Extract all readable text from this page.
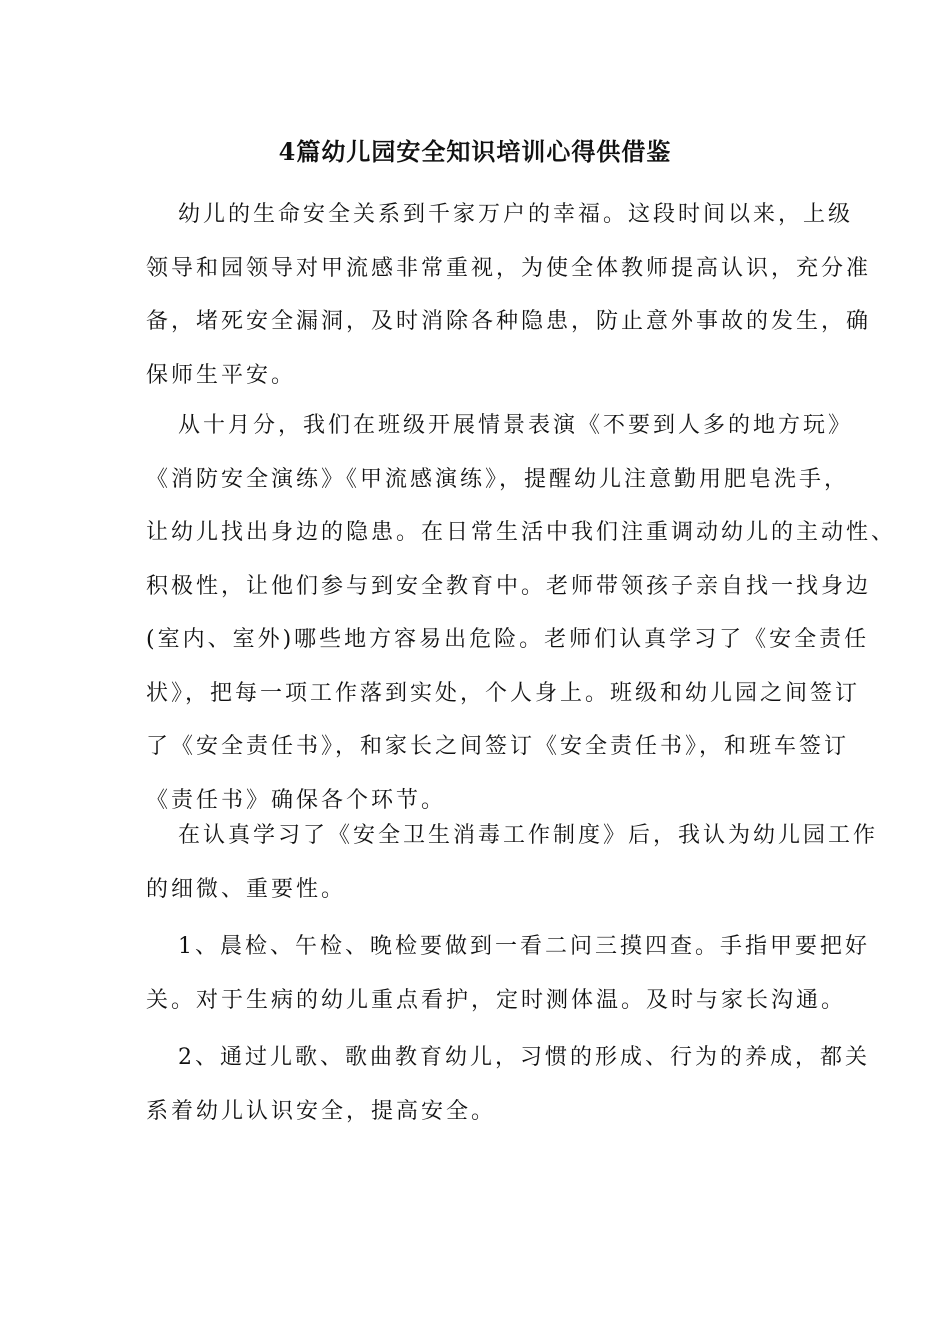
4篇幼儿园安全知识培训心得供借鉴
幼儿的生命安全关系到千家万户的幸福。这段时间以来，上级
领导和园领导对甲流感非常重视，为使全体教师提高认识，充分准
备，堵死安全漏洞，及时消除各种隐患，防止意外事故的发生，确
保师生平安。
从十月分，我们在班级开展情景表演《不要到人多的地方玩》
《消防安全演练》《甲流感演练》，提醒幼儿注意勤用肥皂洗手，
让幼儿找出身边的隐患。在日常生活中我们注重调动幼儿的主动性、
积极性，让他们参与到安全教育中。老师带领孩子亲自找一找身边
(室内、室外)哪些地方容易出危险。老师们认真学习了《安全责任
状》，把每一项工作落到实处，个人身上。班级和幼儿园之间签订
了《安全责任书》，和家长之间签订《安全责任书》，和班车签订
《责任书》确保各个环节。
在认真学习了《安全卫生消毒工作制度》后，我认为幼儿园工作
的细微、重要性。
1、晨检、午检、晚检要做到一看二问三摸四查。手指甲要把好
关。对于生病的幼儿重点看护，定时测体温。及时与家长沟通。
2、通过儿歌、歌曲教育幼儿，习惯的形成、行为的养成，都关
系着幼儿认识安全，提高安全。
